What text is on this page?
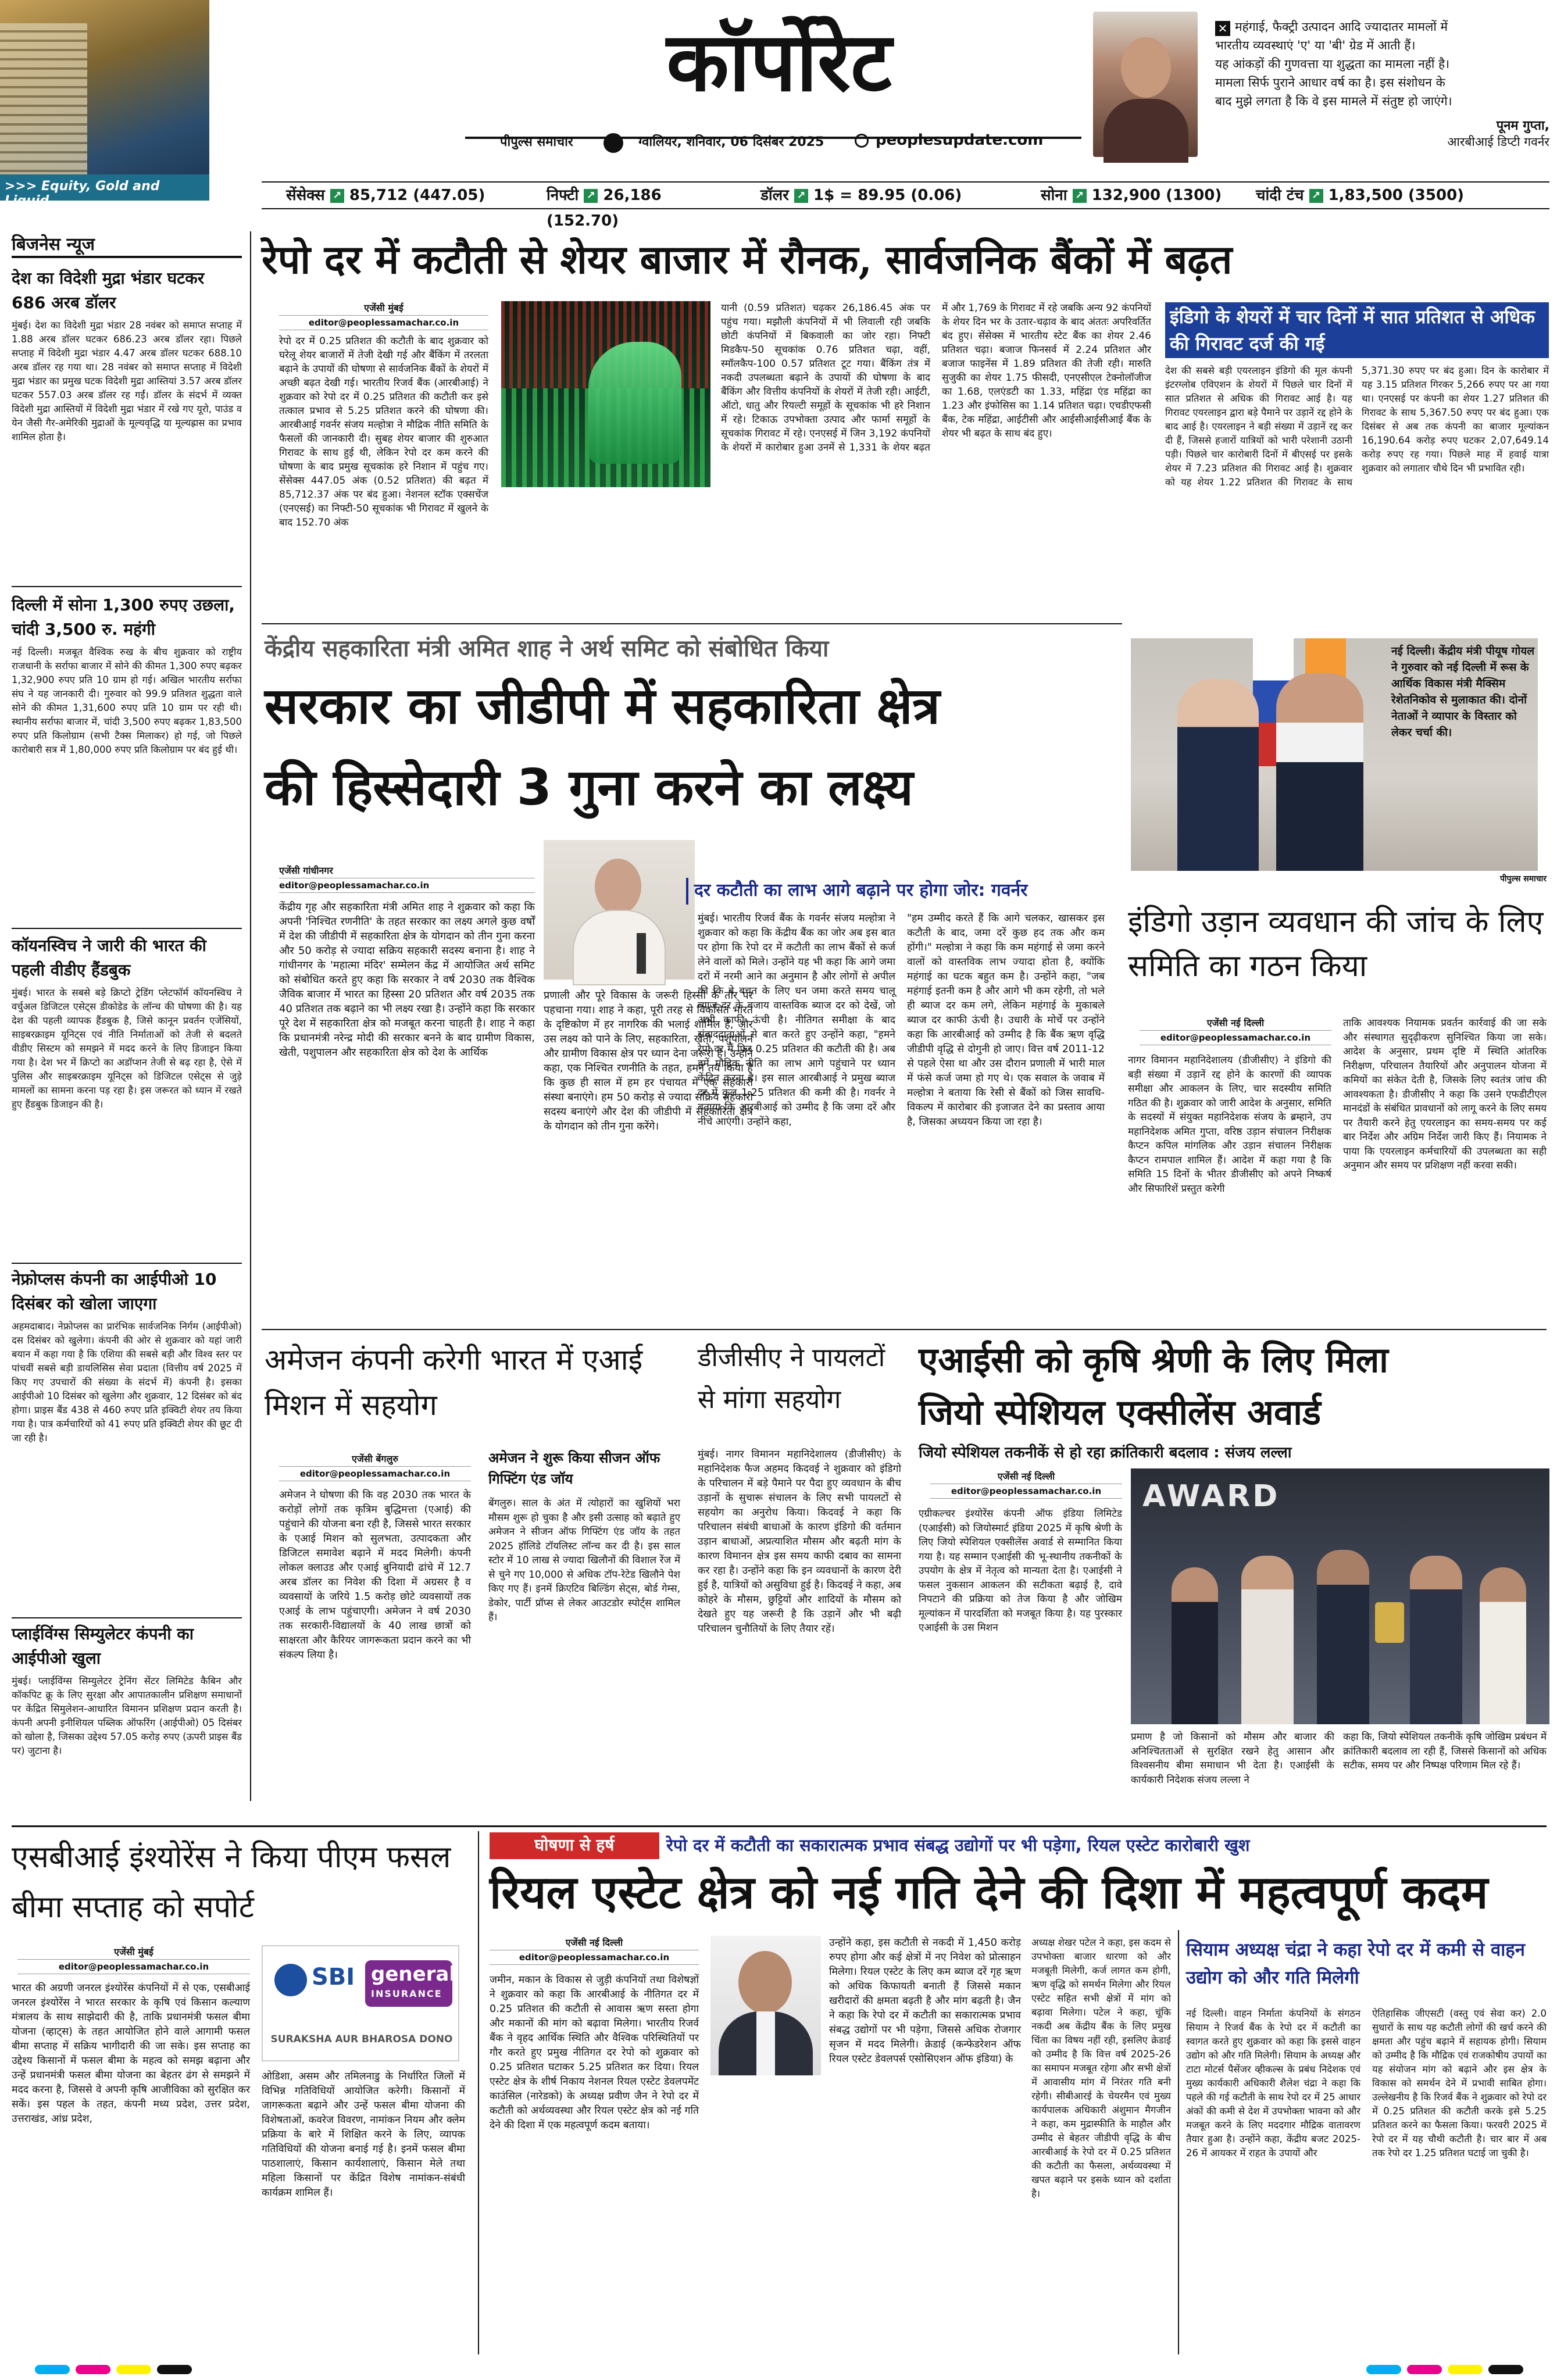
>>> Equity, Gold and Liquid
कॉर्पोरेट
पीपुल्स समाचार	ग्वालियर, शनिवार, 06 दिसंबर 2025	peoplesupdate.com
✕ महंगाई, फैक्ट्री उत्पादन आदि ज्यादातर मामलों में
भारतीय व्यवस्थाएं 'ए' या 'बी' ग्रेड में आती हैं।
यह आंकड़ों की गुणवत्ता या शुद्धता का मामला नहीं है।
मामला सिर्फ पुराने आधार वर्ष का है। इस संशोधन के
बाद मुझे लगता है कि वे इस मामले में संतुष्ट हो जाएंगे।
पूनम गुप्ता,
आरबीआई डिप्टी गवर्नर
सेंसेक्स ↗ 85,712 (447.05)	निफ्टी ↗ 26,186 (152.70)
डॉलर ↗ 1$ = 89.95 (0.06)	सोना ↗ 132,900 (1300)	चांदी टंच ↗ 1,83,500 (3500)
बिजनेस न्यूज
देश का विदेशी मुद्रा भंडार घटकर 686 अरब डॉलर
मुंबई। देश का विदेशी मुद्रा भंडार 28 नवंबर को समाप्त सप्ताह में 1.88 अरब डॉलर घटकर 686.23 अरब डॉलर रहा। पिछले सप्ताह में विदेशी मुद्रा भंडार 4.47 अरब डॉलर घटकर 688.10 अरब डॉलर रह गया था। 28 नवंबर को समाप्त सप्ताह में विदेशी मुद्रा भंडार का प्रमुख घटक विदेशी मुद्रा आस्तियां 3.57 अरब डॉलर घटकर 557.03 अरब डॉलर रह गईं। डॉलर के संदर्भ में व्यक्त विदेशी मुद्रा आस्तियों में विदेशी मुद्रा भंडार में रखे गए यूरो, पाउंड व येन जैसी गैर-अमेरिकी मुद्राओं के मूल्यवृद्धि या मूल्यह्रास का प्रभाव शामिल होता है।
दिल्ली में सोना 1,300 रुपए उछला, चांदी 3,500 रु. महंगी
नई दिल्ली। मजबूत वैश्विक रुख के बीच शुक्रवार को राष्ट्रीय राजधानी के सर्राफा बाजार में सोने की कीमत 1,300 रुपए बढ़कर 1,32,900 रुपए प्रति 10 ग्राम हो गई। अखिल भारतीय सर्राफा संघ ने यह जानकारी दी। गुरुवार को 99.9 प्रतिशत शुद्धता वाले सोने की कीमत 1,31,600 रुपए प्रति 10 ग्राम पर रही थी। स्थानीय सर्राफा बाजार में, चांदी 3,500 रुपए बढ़कर 1,83,500 रुपए प्रति किलोग्राम (सभी टैक्स मिलाकर) हो गई, जो पिछले कारोबारी सत्र में 1,80,000 रुपए प्रति किलोग्राम पर बंद हुई थी।
कॉयनस्विच ने जारी की भारत की पहली वीडीए हैंडबुक
मुंबई। भारत के सबसे बड़े क्रिप्टो ट्रेडिंग प्लेटफॉर्म कॉयनस्विच ने वर्चुअल डिजिटल एसेट्स डीकोडेड के लॉन्च की घोषणा की है। यह देश की पहली व्यापक हैंडबुक है, जिसे कानून प्रवर्तन एजेंसियों, साइबरक्राइम यूनिट्स एवं नीति निर्माताओं को तेजी से बदलते वीडीए सिस्टम को समझने में मदद करने के लिए डिजाइन किया गया है। देश भर में क्रिप्टो का अडॉप्शन तेजी से बढ़ रहा है, ऐसे में पुलिस और साइबरक्राइम यूनिट्स को डिजिटल एसेट्स से जुड़े मामलों का सामना करना पड़ रहा है। इस जरूरत को ध्यान में रखते हुए हैंडबुक डिजाइन की है।
नेफ्रोप्लस कंपनी का आईपीओ 10 दिसंबर को खोला जाएगा
अहमदाबाद। नेफ्रोप्लस का प्रारंभिक सार्वजनिक निर्गम (आईपीओ) दस दिसंबर को खुलेगा। कंपनी की ओर से शुक्रवार को यहां जारी बयान में कहा गया है कि एशिया की सबसे बड़ी और विश्व स्तर पर पांचवीं सबसे बड़ी डायलिसिस सेवा प्रदाता (वित्तीय वर्ष 2025 में किए गए उपचारों की संख्या के संदर्भ में) कंपनी है। इसका आईपीओ 10 दिसंबर को खुलेगा और शुक्रवार, 12 दिसंबर को बंद होगा। प्राइस बैंड 438 से 460 रुपए प्रति इक्विटी शेयर तय किया गया है। पात्र कर्मचारियों को 41 रुपए प्रति इक्विटी शेयर की छूट दी जा रही है।
प्लाईविंग्स सिम्युलेटर कंपनी का आईपीओ खुला
मुंबई। प्लाईविंग्स सिम्युलेटर ट्रेनिंग सेंटर लिमिटेड कैबिन और कॉकपिट क्रू के लिए सुरक्षा और आपातकालीन प्रशिक्षण समाधानों पर केंद्रित सिमुलेशन-आधारित विमानन प्रशिक्षण प्रदान करती है। कंपनी अपनी इनीशियल पब्लिक ऑफरिंग (आईपीओ) 05 दिसंबर को खोला है, जिसका उद्देश्य 57.05 करोड़ रुपए (ऊपरी प्राइस बैंड पर) जुटाना है।
रेपो दर में कटौती से शेयर बाजार में रौनक, सार्वजनिक बैंकों में बढ़त
एजेंसी मुंबई
editor@peoplessamachar.co.in
रेपो दर में 0.25 प्रतिशत की कटौती के बाद शुक्रवार को घरेलू शेयर बाजारों में तेजी देखी गई और बैंकिंग में तरलता बढ़ाने के उपायों की घोषणा से सार्वजनिक बैंकों के शेयरों में अच्छी बढ़त देखी गई। भारतीय रिजर्व बैंक (आरबीआई) ने शुक्रवार को रेपो दर में 0.25 प्रतिशत की कटौती कर इसे तत्काल प्रभाव से 5.25 प्रतिशत करने की घोषणा की। आरबीआई गवर्नर संजय मल्होत्रा ने मौद्रिक नीति समिति के फैसलों की जानकारी दी। सुबह शेयर बाजार की शुरुआत गिरावट के साथ हुई थी, लेकिन रेपो दर कम करने की घोषणा के बाद प्रमुख सूचकांक हरे निशान में पहुंच गए। सेंसेक्स 447.05 अंक (0.52 प्रतिशत) की बढ़त में 85,712.37 अंक पर बंद हुआ। नेशनल स्टॉक एक्सचेंज (एनएसई) का निफ्टी-50 सूचकांक भी गिरावट में खुलने के बाद 152.70 अंक
यानी (0.59 प्रतिशत) चढ़कर 26,186.45 अंक पर पहुंच गया। मझौली कंपनियों में भी लिवाली रही जबकि छोटी कंपनियों में बिकवाली का जोर रहा। निफ्टी मिडकैप-50 सूचकांक 0.76 प्रतिशत चढ़ा, वहीं, स्मॉलकैप-100 0.57 प्रतिशत टूट गया। बैंकिंग तंत्र में नकदी उपलब्धता बढ़ाने के उपायों की घोषणा के बाद बैंकिंग और वित्तीय कंपनियों के शेयरों में तेजी रही। आईटी, ऑटो, धातु और रियल्टी समूहों के सूचकांक भी हरे निशान में रहे। टिकाऊ उपभोक्ता उत्पाद और फार्मा समूहों के सूचकांक गिरावट में रहे। एनएसई में जिन 3,192 कंपनियों के शेयरों में कारोबार हुआ उनमें से 1,331 के शेयर बढ़त में और 1,769 के गिरावट में रहे जबकि अन्य 92 कंपनियों के शेयर दिन भर के उतार-चढ़ाव के बाद अंततः अपरिवर्तित बंद हुए। सेंसेक्स में भारतीय स्टेट बैंक का शेयर 2.46 प्रतिशत चढ़ा। बजाज फिनसर्व में 2.24 प्रतिशत और बजाज फाइनेंस में 1.89 प्रतिशत की तेजी रही। मारुति सुजुकी का शेयर 1.75 फीसदी, एनएसीएल टेक्नोलॉजीज का 1.68, एलएंडटी का 1.33, महिंद्रा एंड महिंद्रा का 1.23 और इंफोसिस का 1.14 प्रतिशत चढ़ा। एचडीएफसी बैंक, टेक महिंद्रा, आईटीसी और आईसीआईसीआई बैंक के शेयर भी बढ़त के साथ बंद हुए।
इंडिगो के शेयरों में चार दिनों में सात प्रतिशत से अधिक की गिरावट दर्ज की गई
देश की सबसे बड़ी एयरलाइन इंडिगो की मूल कंपनी इंटरग्लोब एविएशन के शेयरों में पिछले चार दिनों में सात प्रतिशत से अधिक की गिरावट आई है। यह गिरावट एयरलाइन द्वारा बड़े पैमाने पर उड़ानें रद्द होने के बाद आई है। एयरलाइन ने बड़ी संख्या में उड़ानें रद्द कर दी हैं, जिससे हजारों यात्रियों को भारी परेशानी उठानी पड़ी। पिछले चार कारोबारी दिनों में बीएसई पर इसके शेयर में 7.23 प्रतिशत की गिरावट आई है। शुक्रवार को यह शेयर 1.22 प्रतिशत की गिरावट के साथ 5,371.30 रुपए पर बंद हुआ। दिन के कारोबार में यह 3.15 प्रतिशत गिरकर 5,266 रुपए पर आ गया था। एनएसई पर कंपनी का शेयर 1.27 प्रतिशत की गिरावट के साथ 5,367.50 रुपए पर बंद हुआ। एक दिसंबर से अब तक कंपनी का बाजार मूल्यांकन 16,190.64 करोड़ रुपए घटकर 2,07,649.14 करोड़ रुपए रह गया। पिछले माह में हवाई यात्रा शुक्रवार को लगातार चौथे दिन भी प्रभावित रही।
केंद्रीय सहकारिता मंत्री अमित शाह ने अर्थ समिट को संबोधित किया
सरकार का जीडीपी में सहकारिता क्षेत्र
की हिस्सेदारी 3 गुना करने का लक्ष्य
एजेंसी गांधीनगर
editor@peoplessamachar.co.in
केंद्रीय गृह और सहकारिता मंत्री अमित शाह ने शुक्रवार को कहा कि अपनी 'निश्चित रणनीति' के तहत सरकार का लक्ष्य अगले कुछ वर्षों में देश की जीडीपी में सहकारिता क्षेत्र के योगदान को तीन गुना करना और 50 करोड़ से ज्यादा सक्रिय सहकारी सदस्य बनाना है। शाह ने गांधीनगर के 'महात्मा मंदिर' सम्मेलन केंद्र में आयोजित अर्थ समिट को संबोधित करते हुए कहा कि सरकार ने वर्ष 2030 तक वैश्विक जैविक बाजार में भारत का हिस्सा 20 प्रतिशत और वर्ष 2035 तक 40 प्रतिशत तक बढ़ाने का भी लक्ष्य रखा है। उन्होंने कहा कि सरकार पूरे देश में सहकारिता क्षेत्र को मजबूत करना चाहती है। शाह ने कहा कि प्रधानमंत्री नरेन्द्र मोदी की सरकार बनने के बाद ग्रामीण विकास, खेती, पशुपालन और सहकारिता क्षेत्र को देश के आर्थिक
प्रणाली और पूरे विकास के जरूरी हिस्सों के तौर पर पहचाना गया। शाह ने कहा, पूरी तरह से विकसित भारत के दृष्टिकोण में हर नागरिक की भलाई शामिल है, और उस लक्ष्य को पाने के लिए, सहकारिता, खेती, पशुपालन और ग्रामीण विकास क्षेत्र पर ध्यान देना जरूरी है। उन्होंने कहा, एक निश्चित रणनीति के तहत, हमने तय किया है कि कुछ ही साल में हम हर पंचायत में एक सहकारी संस्था बनाएंगे। हम 50 करोड़ से ज्यादा सक्रिय सहकारी सदस्य बनाएंगे और देश की जीडीपी में सहकारिता क्षेत्र के योगदान को तीन गुना करेंगे।
नई दिल्ली। केंद्रीय मंत्री पीयूष गोयल ने गुरुवार को नई दिल्ली में रूस के आर्थिक विकास मंत्री मैक्सिम रेशेतनिकोव से मुलाकात की। दोनों नेताओं ने व्यापार के विस्तार को लेकर चर्चा की।
पीपुल्स समाचार
दर कटौती का लाभ आगे बढ़ाने पर होगा जोर: गवर्नर
मुंबई। भारतीय रिजर्व बैंक के गवर्नर संजय मल्होत्रा ने शुक्रवार को कहा कि केंद्रीय बैंक का जोर अब इस बात पर होगा कि रेपो दर में कटौती का लाभ बैंकों से कर्ज लेने वालों को मिले। उन्होंने यह भी कहा कि आगे जमा दरों में नरमी आने का अनुमान है और लोगों से अपील की कि वे बचत के लिए धन जमा करते समय चालू ब्याज दर के बजाय वास्तविक ब्याज दर को देखें, जो अभी काफी ऊंची है। नीतिगत समीक्षा के बाद संवाददाताओं से बात करते हुए उन्होंने कहा, "हमने रेपो दर में फिर 0.25 प्रतिशत की कटौती की है। अब हमें मौद्रिक नीति का लाभ आगे पहुंचाने पर ध्यान केंद्रित करना है। इस साल आरबीआई ने प्रमुख ब्याज दर में कुल 1.25 प्रतिशत की कमी की है। गवर्नर ने बताया कि आरबीआई को उम्मीद है कि जमा दरें और नीचे आएंगी। उन्होंने कहा,
"हम उम्मीद करते हैं कि आगे चलकर, खासकर इस कटौती के बाद, जमा दरें कुछ हद तक और कम होंगी।" मल्होत्रा ने कहा कि कम महंगाई से जमा करने वालों को वास्तविक लाभ ज्यादा होता है, क्योंकि महंगाई का घटक बहुत कम है। उन्होंने कहा, "जब महंगाई इतनी कम है और आगे भी कम रहेगी, तो भले ही ब्याज दर कम लगे, लेकिन महंगाई के मुकाबले ब्याज दर काफी ऊंची है। उधारी के मोर्चे पर उन्होंने कहा कि आरबीआई को उम्मीद है कि बैंक ऋण वृद्धि जीडीपी वृद्धि से दोगुनी हो जाए। वित्त वर्ष 2011-12 से पहले ऐसा था और उस दौरान प्रणाली में भारी माल में फंसे कर्ज जमा हो गए थे। एक सवाल के जवाब में मल्होत्रा ने बताया कि रेसी से बैंकों को जिस सावधि-विकल्प में कारोबार की इजाजत देने का प्रस्ताव आया है, जिसका अध्ययन किया जा रहा है।
इंडिगो उड़ान व्यवधान की जांच के लिए समिति का गठन किया
एजेंसी नई दिल्ली
editor@peoplessamachar.co.in
नागर विमानन महानिदेशालय (डीजीसीए) ने इंडिगो की बड़ी संख्या में उड़ानें रद्द होने के कारणों की व्यापक समीक्षा और आकलन के लिए, चार सदस्यीय समिति गठित की है। शुक्रवार को जारी आदेश के अनुसार, समिति के सदस्यों में संयुक्त महानिदेशक संजय के ब्रम्हाने, उप महानिदेशक अमित गुप्ता, वरिष्ठ उड़ान संचालन निरीक्षक कैप्टन कपिल मांगलिक और उड़ान संचालन निरीक्षक कैप्टन रामपाल शामिल हैं। आदेश में कहा गया है कि समिति 15 दिनों के भीतर डीजीसीए को अपने निष्कर्ष और सिफारिशें प्रस्तुत करेगी
ताकि आवश्यक नियामक प्रवर्तन कार्रवाई की जा सके और संस्थागत सुदृढ़ीकरण सुनिश्चित किया जा सके। आदेश के अनुसार, प्रथम दृष्टि में स्थिति आंतरिक निरीक्षण, परिचालन तैयारियों और अनुपालन योजना में कमियों का संकेत देती है, जिसके लिए स्वतंत्र जांच की आवश्यकता है। डीजीसीए ने कहा कि उसने एफडीटीएल मानदंडों के संबंधित प्रावधानों को लागू करने के लिए समय पर तैयारी करने हेतु एयरलाइन का समय-समय पर कई बार निर्देश और अग्रिम निर्देश जारी किए हैं। नियामक ने पाया कि एयरलाइन कर्मचारियों की उपलब्धता का सही अनुमान और समय पर प्रशिक्षण नहीं करवा सकी।
अमेजन कंपनी करेगी भारत में एआई मिशन में सहयोग
एजेंसी बेंगलुरु
editor@peoplessamachar.co.in
अमेजन ने घोषणा की कि वह 2030 तक भारत के करोड़ों लोगों तक कृत्रिम बुद्धिमत्ता (एआई) की पहुंचाने की योजना बना रही है, जिससे भारत सरकार के एआई मिशन को सुलभता, उत्पादकता और डिजिटल समावेश बढ़ाने में मदद मिलेगी। कंपनी लोकल क्लाउड और एआई बुनियादी ढांचे में 12.7 अरब डॉलर का निवेश की दिशा में अग्रसर है व व्यवसायों के जरिये 1.5 करोड़ छोटे व्यवसायों तक एआई के लाभ पहुंचाएगी। अमेजन ने वर्ष 2030 तक सरकारी-विद्यालयों के 40 लाख छात्रों को साक्षरता और कैरियर जागरूकता प्रदान करने का भी संकल्प लिया है।
अमेजन ने शुरू किया सीजन ऑफ गिफ्टिंग एंड जॉय
बेंगलुरु। साल के अंत में त्योहारों का खुशियों भरा मौसम शुरू हो चुका है और इसी उत्साह को बढ़ाते हुए अमेजन ने सीजन ऑफ गिफ्टिंग एंड जॉय के तहत 2025 हॉलिडे टॉयलिस्ट लॉन्च कर दी है। इस साल स्टोर में 10 लाख से ज्यादा खिलौनों की विशाल रेंज में से चुने गए 10,000 से अधिक टॉप-रेटेड खिलौने पेश किए गए हैं। इनमें क्रिएटिव बिल्डिंग सेट्स, बोर्ड गेम्स, डेकोर, पार्टी प्रॉप्स से लेकर आउटडोर स्पोर्ट्स शामिल हैं।
डीजीसीए ने पायलटों से मांगा सहयोग
मुंबई। नागर विमानन महानिदेशालय (डीजीसीए) के महानिदेशक फैज अहमद किदवई ने शुक्रवार को इंडिगो के परिचालन में बड़े पैमाने पर पैदा हुए व्यवधान के बीच उड़ानों के सुचारू संचालन के लिए सभी पायलटों से सहयोग का अनुरोध किया। किदवई ने कहा कि परिचालन संबंधी बाधाओं के कारण इंडिगो की वर्तमान उड़ान बाधाओं, अप्रत्याशित मौसम और बढ़ती मांग के कारण विमानन क्षेत्र इस समय काफी दबाव का सामना कर रहा है। उन्होंने कहा कि इन व्यवधानों के कारण देरी हुई है, यात्रियों को असुविधा हुई है। किदवई ने कहा, अब कोहरे के मौसम, छुट्टियों और शादियों के मौसम को देखते हुए यह जरूरी है कि उड़ानें और भी बढ़ी परिचालन चुनौतियों के लिए तैयार रहें।
एआईसी को कृषि श्रेणी के लिए मिला
जियो स्पेशियल एक्सीलेंस अवार्ड
जियो स्पेशियल तकनीकें से हो रहा क्रांतिकारी बदलाव : संजय लल्ला
एजेंसी नई दिल्ली
editor@peoplessamachar.co.in
एग्रीकल्चर इंश्योरेंस कंपनी ऑफ इंडिया लिमिटेड (एआईसी) को जियोस्मार्ट इंडिया 2025 में कृषि श्रेणी के लिए जियो स्पेशियल एक्सीलेंस अवार्ड से सम्मानित किया गया है। यह सम्मान एआईसी की भू-स्थानीय तकनीकों के उपयोग के क्षेत्र में नेतृत्व को मान्यता देता है। एआईसी ने फसल नुकसान आकलन की सटीकता बढ़ाई है, दावे निपटाने की प्रक्रिया को तेज किया है और जोखिम मूल्यांकन में पारदर्शिता को मजबूत किया है। यह पुरस्कार एआईसी के उस मिशन
AWARD
प्रमाण है जो किसानों को मौसम और बाजार की अनिश्चितताओं से सुरक्षित रखने हेतु आसान और विश्वसनीय बीमा समाधान भी देता है। एआईसी के कार्यकारी निदेशक संजय लल्ला ने
कहा कि, जियो स्पेशियल तकनीकें कृषि जोखिम प्रबंधन में क्रांतिकारी बदलाव ला रही हैं, जिससे किसानों को अधिक सटीक, समय पर और निष्पक्ष परिणाम मिल रहे हैं।
एसबीआई इंश्योरेंस ने किया पीएम फसल बीमा सप्ताह को सपोर्ट
एजेंसी मुंबई
editor@peoplessamachar.co.in
भारत की अग्रणी जनरल इंश्योरेंस कंपनियों में से एक, एसबीआई जनरल इंश्योरेंस ने भारत सरकार के कृषि एवं किसान कल्याण मंत्रालय के साथ साझेदारी की है, ताकि प्रधानमंत्री फसल बीमा योजना (व्हाट्स) के तहत आयोजित होने वाले आगामी फसल बीमा सप्ताह में सक्रिय भागीदारी की जा सके। इस सप्ताह का उद्देश्य किसानों में फसल बीमा के महत्व को समझ बढ़ाना और उन्हें प्रधानमंत्री फसल बीमा योजना का बेहतर ढंग से समझने में मदद करना है, जिससे वे अपनी कृषि आजीविका को सुरक्षित कर सकें। इस पहल के तहत, कंपनी मध्य प्रदेश, उत्तर प्रदेश, उत्तराखंड, आंध्र प्रदेश,
SBI general
INSURANCE
SURAKSHA AUR BHAROSA DONO
ओडिशा, असम और तमिलनाडु के निर्धारित जिलों में विभिन्न गतिविधियों आयोजित करेगी। किसानों में जागरूकता बढ़ाने और उन्हें फसल बीमा योजना की विशेषताओं, कवरेज विवरण, नामांकन नियम और क्लेम प्रक्रिया के बारे में शिक्षित करने के लिए, व्यापक गतिविधियों की योजना बनाई गई है। इनमें फसल बीमा पाठशालाएं, किसान कार्यशालाएं, किसान मेले तथा महिला किसानों पर केंद्रित विशेष नामांकन-संबंधी कार्यक्रम शामिल हैं।
घोषणा से हर्ष	रेपो दर में कटौती का सकारात्मक प्रभाव संबद्ध उद्योगों पर भी पड़ेगा, रियल एस्टेट कारोबारी खुश
रियल एस्टेट क्षेत्र को नई गति देने की दिशा में महत्वपूर्ण कदम
एजेंसी नई दिल्ली
editor@peoplessamachar.co.in
जमीन, मकान के विकास से जुड़ी कंपनियों तथा विशेषज्ञों ने शुक्रवार को कहा कि आरबीआई के नीतिगत दर में 0.25 प्रतिशत की कटौती से आवास ऋण सस्ता होगा और मकानों की मांग को बढ़ावा मिलेगा। भारतीय रिजर्व बैंक ने वृहद आर्थिक स्थिति और वैश्विक परिस्थितियों पर गौर करते हुए प्रमुख नीतिगत दर रेपो को शुक्रवार को 0.25 प्रतिशत घटाकर 5.25 प्रतिशत कर दिया। रियल एस्टेट क्षेत्र के शीर्ष निकाय नेशनल रियल एस्टेट डेवलपमेंट काउंसिल (नारेडको) के अध्यक्ष प्रवीण जैन ने रेपो दर में कटौती को अर्थव्यवस्था और रियल एस्टेट क्षेत्र को नई गति देने की दिशा में एक महत्वपूर्ण कदम बताया।
उन्होंने कहा, इस कटौती से नकदी में 1,450 करोड़ रुपए होगा और कई क्षेत्रों में नए निवेश को प्रोत्साहन मिलेगा। रियल एस्टेट के लिए कम ब्याज दरें गृह ऋण को अधिक किफायती बनाती हैं जिससे मकान खरीदारों की क्षमता बढ़ती है और मांग बढ़ती है। जैन ने कहा कि रेपो दर में कटौती का सकारात्मक प्रभाव संबद्ध उद्योगों पर भी पड़ेगा, जिससे अधिक रोजगार सृजन में मदद मिलेगी। क्रेडाई (कन्फेडरेशन ऑफ रियल एस्टेट डेवलपर्स एसोसिएशन ऑफ इंडिया) के
अध्यक्ष शेखर पटेल ने कहा, इस कदम से उपभोक्ता बाजार धारणा को और मजबूती मिलेगी, कर्ज लागत कम होगी, ऋण वृद्धि को समर्थन मिलेगा और रियल एस्टेट सहित सभी क्षेत्रों में मांग को बढ़ावा मिलेगा। पटेल ने कहा, चूंकि नकदी अब केंद्रीय बैंक के लिए प्रमुख चिंता का विषय नहीं रही, इसलिए क्रेडाई को उम्मीद है कि वित्त वर्ष 2025-26 का समापन मजबूत रहेगा और सभी क्षेत्रों में आवासीय मांग में निरंतर गति बनी रहेगी। सीबीआरई के चेयरमैन एवं मुख्य कार्यपालक अधिकारी अंशुमान मैगजीन ने कहा, कम मुद्रास्फीति के माहौल और उम्मीद से बेहतर जीडीपी वृद्धि के बीच आरबीआई के रेपो दर में 0.25 प्रतिशत की कटौती का फैसला, अर्थव्यवस्था में खपत बढ़ाने पर इसके ध्यान को दर्शाता है।
सियाम अध्यक्ष चंद्रा ने कहा रेपो दर में कमी से वाहन उद्योग को और गति मिलेगी
नई दिल्ली। वाहन निर्माता कंपनियों के संगठन सियाम ने रिजर्व बैंक के रेपो दर में कटौती का स्वागत करते हुए शुक्रवार को कहा कि इससे वाहन उद्योग को और गति मिलेगी। सियाम के अध्यक्ष और टाटा मोटर्स पैसेंजर व्हीकल्स के प्रबंध निदेशक एवं मुख्य कार्यकारी अधिकारी शैलेश चंद्रा ने कहा कि पहले की गई कटौती के साथ रेपो दर में 25 आधार अंकों की कमी से देश में उपभोक्ता भावना को और मजबूत करने के लिए मददगार मौद्रिक वातावरण तैयार हुआ है। उन्होंने कहा, केंद्रीय बजट 2025-26 में आयकर में राहत के उपायों और
ऐतिहासिक जीएसटी (वस्तु एवं सेवा कर) 2.0 सुधारों के साथ यह कटौती लोगों की खर्च करने की क्षमता और पहुंच बढ़ाने में सहायक होगी। सियाम को उम्मीद है कि मौद्रिक एवं राजकोषीय उपायों का यह संयोजन मांग को बढ़ाने और इस क्षेत्र के विकास को समर्थन देने में प्रभावी साबित होगा। उल्लेखनीय है कि रिजर्व बैंक ने शुक्रवार को रेपो दर में 0.25 प्रतिशत की कटौती करके इसे 5.25 प्रतिशत करने का फैसला किया। फरवरी 2025 में रेपो दर में यह चौथी कटौती है। चार बार में अब तक रेपो दर 1.25 प्रतिशत घटाई जा चुकी है।
